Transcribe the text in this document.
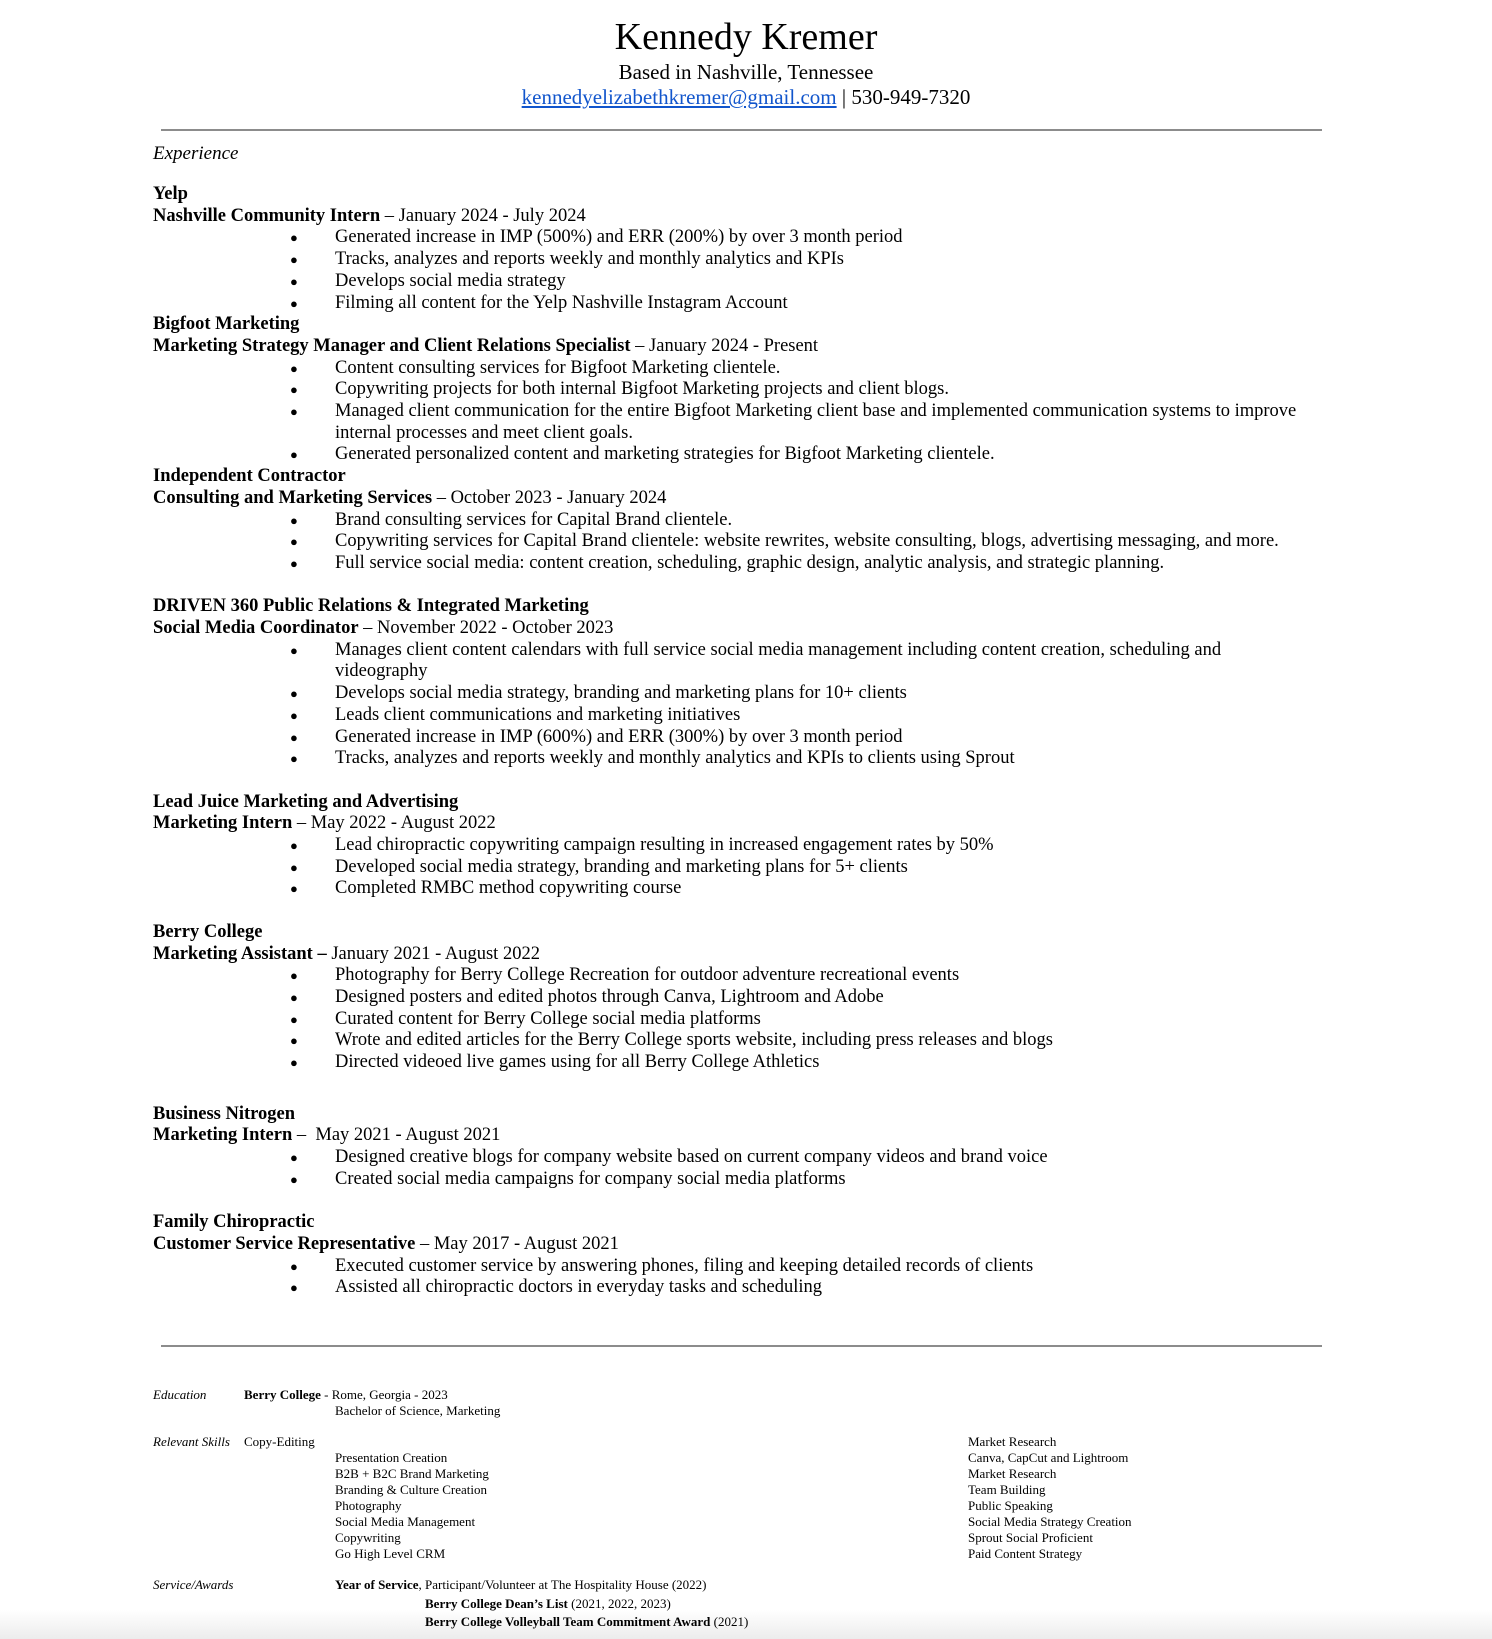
Kennedy Kremer
Based in Nashville, Tennessee
kennedyelizabethkremer@gmail.com | 530-949-7320
Experience
Yelp
Nashville Community Intern – January 2024 - July 2024
● Generated increase in IMP (500%) and ERR (200%) by over 3 month period
● Tracks, analyzes and reports weekly and monthly analytics and KPIs
● Develops social media strategy
● Filming all content for the Yelp Nashville Instagram Account
Bigfoot Marketing
Marketing Strategy Manager and Client Relations Specialist – January 2024 - Present
● Content consulting services for Bigfoot Marketing clientele.
● Copywriting projects for both internal Bigfoot Marketing projects and client blogs.
● Managed client communication for the entire Bigfoot Marketing client base and implemented communication systems to improve internal processes and meet client goals.
● Generated personalized content and marketing strategies for Bigfoot Marketing clientele.
Independent Contractor
Consulting and Marketing Services – October 2023 - January 2024
● Brand consulting services for Capital Brand clientele.
● Copywriting services for Capital Brand clientele: website rewrites, website consulting, blogs, advertising messaging, and more.
● Full service social media: content creation, scheduling, graphic design, analytic analysis, and strategic planning.
DRIVEN 360 Public Relations & Integrated Marketing
Social Media Coordinator – November 2022 - October 2023
● Manages client content calendars with full service social media management including content creation, scheduling and videography
● Develops social media strategy, branding and marketing plans for 10+ clients
● Leads client communications and marketing initiatives
● Generated increase in IMP (600%) and ERR (300%) by over 3 month period
● Tracks, analyzes and reports weekly and monthly analytics and KPIs to clients using Sprout
Lead Juice Marketing and Advertising
Marketing Intern – May 2022 - August 2022
● Lead chiropractic copywriting campaign resulting in increased engagement rates by 50%
● Developed social media strategy, branding and marketing plans for 5+ clients
● Completed RMBC method copywriting course
Berry College
Marketing Assistant – January 2021 - August 2022
● Photography for Berry College Recreation for outdoor adventure recreational events
● Designed posters and edited photos through Canva, Lightroom and Adobe
● Curated content for Berry College social media platforms
● Wrote and edited articles for the Berry College sports website, including press releases and blogs
● Directed videoed live games using for all Berry College Athletics
Business Nitrogen
Marketing Intern –  May 2021 - August 2021
● Designed creative blogs for company website based on current company videos and brand voice
● Created social media campaigns for company social media platforms
Family Chiropractic
Customer Service Representative – May 2017 - August 2021
● Executed customer service by answering phones, filing and keeping detailed records of clients
● Assisted all chiropractic doctors in everyday tasks and scheduling
Education	Berry College - Rome, Georgia - 2023
Bachelor of Science, Marketing
Relevant Skills Copy-Editing
Presentation Creation
B2B + B2C Brand Marketing
Branding & Culture Creation
Photography
Social Media Management
Copywriting
Go High Level CRM
Market Research
Canva, CapCut and Lightroom
Market Research
Team Building
Public Speaking
Social Media Strategy Creation
Sprout Social Proficient
Paid Content Strategy
Service/Awards	Year of Service, Participant/Volunteer at The Hospitality House (2022)
Berry College Dean’s List (2021, 2022, 2023)
Berry College Volleyball Team Commitment Award (2021)
